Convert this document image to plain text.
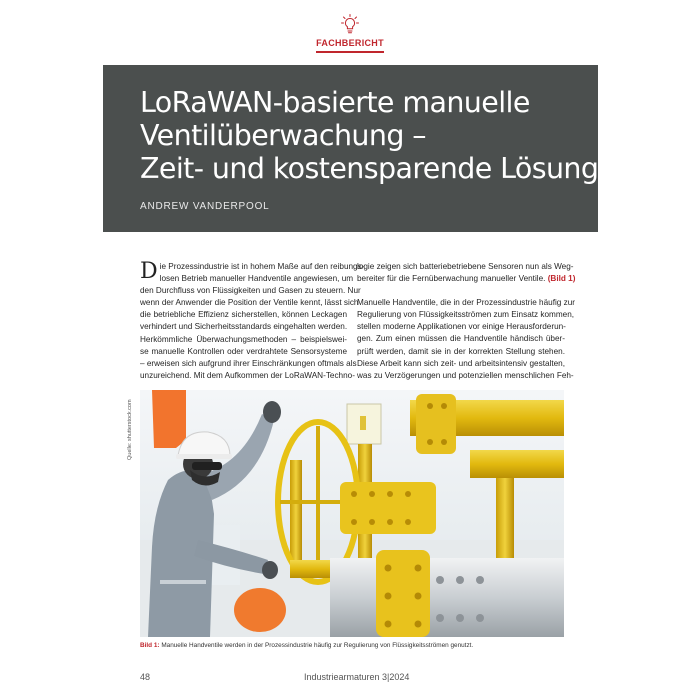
FACHBERICHT
LoRaWAN-basierte manuelle
Ventilüberwachung –
Zeit- und kostensparende Lösung
ANDREW VANDERPOOL
D ie Prozessindustrie ist in hohem Maße auf den reibungs-
losen Betrieb manueller Handventile angewiesen, um
den Durchfluss von Flüssigkeiten und Gasen zu steuern. Nur
wenn der Anwender die Position der Ventile kennt, lässt sich
die betriebliche Effizienz sicherstellen, können Leckagen
verhindert und Sicherheitsstandards eingehalten werden.
Herkömmliche Überwachungsmethoden – beispielswei-
se manuelle Kontrollen oder verdrahtete Sensorsysteme
– erweisen sich aufgrund ihrer Einschränkungen oftmals als
unzureichend. Mit dem Aufkommen der LoRaWAN-Techno-
logie zeigen sich batteriebetriebene Sensoren nun als Weg-
bereiter für die Fernüberwachung manueller Ventile. (Bild 1)
Manuelle Handventile, die in der Prozessindustrie häufig zur
Regulierung von Flüssigkeitsströmen zum Einsatz kommen,
stellen moderne Applikationen vor einige Herausforderun-
gen. Zum einen müssen die Handventile händisch über-
prüft werden, damit sie in der korrekten Stellung stehen.
Diese Arbeit kann sich zeit- und arbeitsintensiv gestalten,
was zu Verzögerungen und potenziellen menschlichen Feh-
Quelle: shutterstock.com
Bild 1: Manuelle Handventile werden in der Prozessindustrie häufig zur Regulierung von Flüssigkeitsströmen genutzt.
48	Industriearmaturen 3|2024
